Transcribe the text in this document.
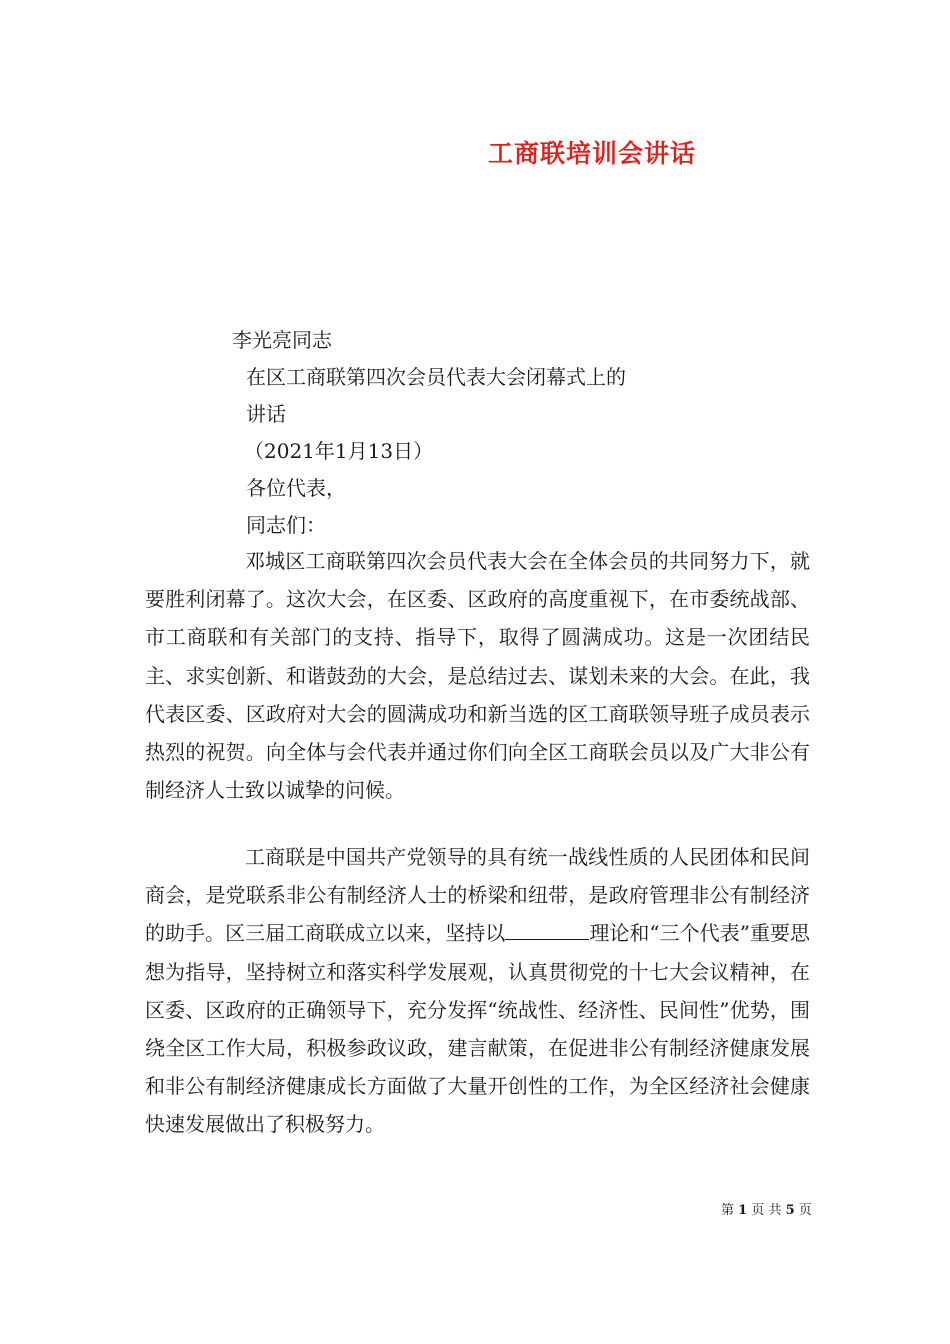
工商联培训会讲话
李光亮同志
在区工商联第四次会员代表大会闭幕式上的
讲话
（2021年1月13日）
各位代表，
同志们：
邓城区工商联第四次会员代表大会在全体会员的共同努力下，就要胜利闭幕了。这次大会，在区委、区政府的高度重视下，在市委统战部、市工商联和有关部门的支持、指导下，取得了圆满成功。这是一次团结民主、求实创新、和谐鼓劲的大会，是总结过去、谋划未来的大会。在此，我代表区委、区政府对大会的圆满成功和新当选的区工商联领导班子成员表示热烈的祝贺。向全体与会代表并通过你们向全区工商联会员以及广大非公有制经济人士致以诚挚的问候。
工商联是中国共产党领导的具有统一战线性质的人民团体和民间商会，是党联系非公有制经济人士的桥梁和纽带，是政府管理非公有制经济的助手。区三届工商联成立以来，坚持以	理论和“三个代表”重要思想为指导，坚持树立和落实科学发展观，认真贯彻党的十七大会议精神，在区委、区政府的正确领导下，充分发挥“统战性、经济性、民间性”优势，围绕全区工作大局，积极参政议政，建言献策，在促进非公有制经济健康发展和非公有制经济健康成长方面做了大量开创性的工作，为全区经济社会健康快速发展做出了积极努力。
第 1 页 共 5 页
